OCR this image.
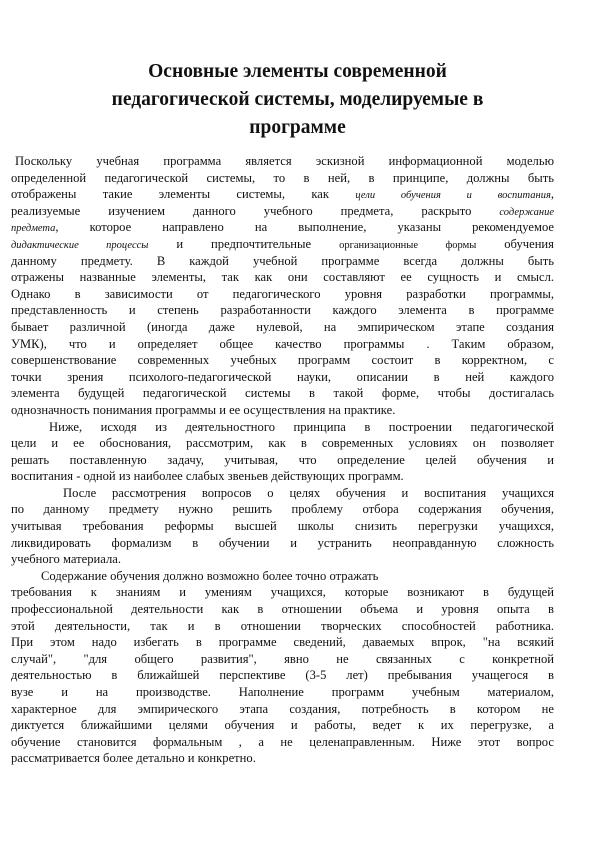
Основные элементы современной
педагогической системы, моделируемые в
программе
Поскольку учебная программа является эскизной информационной моделью
определенной педагогической системы, то в ней, в принципе, должны быть
отображены такие элементы системы, как	цели обучения и воспитания,
реализуемые изучением данного учебного предмета, раскрыто	содержание
предмета, которое направлено на выполнение, указаны рекомендуемое
дидактические процессы и предпочтительные	организационные формы обучения
данному предмету. В каждой учебной программе всегда должны быть
отражены названные элементы, так как они составляют ее сущность и смысл.
Однако в зависимости от педагогического уровня разработки программы,
представленность и степень разработанности каждого элемента в программе
бывает различной (иногда даже нулевой, на эмпирическом этапе создания
УМК), что и определяет общее качество программы . Таким образом,
совершенствование современных учебных программ состоит в корректном, с
точки зрения психолого-педагогической науки, описании в ней каждого
элемента будущей педагогической системы в такой форме, чтобы достигалась
однозначность понимания программы и ее осуществления на практике.
Ниже, исходя из деятельностного принципа в построении педагогической
цели и ее обоснования, рассмотрим, как в современных условиях он позволяет
решать поставленную задачу, учитывая, что определение целей обучения и
воспитания - одной из наиболее слабых звеньев действующих программ.
После рассмотрения вопросов о целях обучения и воспитания учащихся
по данному предмету нужно решить проблему отбора содержания обучения,
учитывая требования реформы высшей школы снизить перегрузки учащихся,
ликвидировать формализм в обучении и устранить неоправданную сложность
учебного материала.
Содержание обучения должно возможно более точно отражать
требования к знаниям и умениям учащихся, которые возникают в будущей
профессиональной деятельности как в отношении объема и уровня опыта в
этой деятельности, так и в отношении творческих способностей работника.
При этом надо избегать в программе сведений, даваемых впрок, "на всякий
случай", "для общего развития", явно не связанных с конкретной
деятельностью в ближайшей перспективе (3-5 лет) пребывания учащегося в
вузе и на производстве. Наполнение программ учебным материалом,
характерное для эмпирического этапа создания, потребность в котором не
диктуется ближайшими целями обучения и работы, ведет к их перегрузке, а
обучение становится формальным , а не целенаправленным. Ниже этот вопрос
рассматривается более детально и конкретно.
